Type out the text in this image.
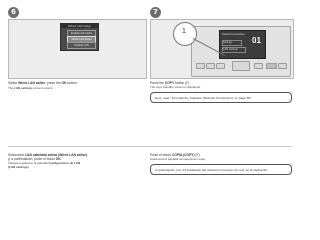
6	7
Wired LAN setup
Enable LAN active
Wired LAN active
Disable LAN
Network connection
01
Settings
LAN settings
1
Select Wired LAN active, press the OK button.
The LAN settings screen returns.
Press the COPY button (F).
The copy standby screen is displayed.
Next, read "13 Install the Software (Network Connection)" on page 58!
Seleccione LAN cableada activa (Wired LAN active)
y, a continuación, pulse el botón OK.
Volverá a aparecer la pantalla Configuración de LAN
(LAN settings).
Pulse el botón COPIA (COPY) (F).
Aparecerá la pantalla de espera de copia.
A continuación, lea "13 Instalación del software (Conexión de red)" en la página 59.
